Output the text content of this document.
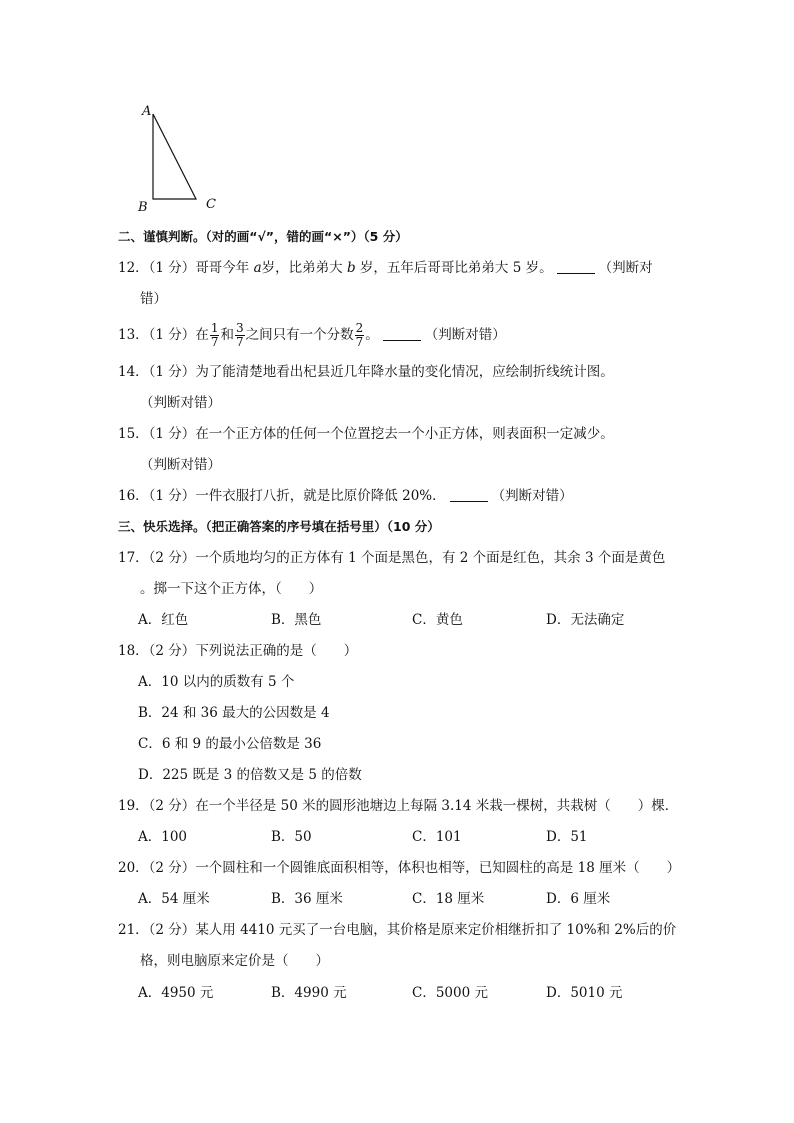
A
B	C
二、谨慎判断。（对的画“√”，错的画“×”）（5 分）
12．（1 分）哥哥今年 a岁，比弟弟大 b 岁，五年后哥哥比弟弟大 5 岁。	（判断对
错）
13．（1 分）在 $\frac{1}{7}$ 和 $\frac{3}{7}$ 之间只有一个分数 $\frac{2}{7}$ 。	（判断对错）
14．（1 分）为了能清楚地看出杞县近几年降水量的变化情况，应绘制折线统计图。
（判断对错）
15．（1 分）在一个正方体的任何一个位置挖去一个小正方体，则表面积一定减少。
（判断对错）
16．（1 分）一件衣服打八折，就是比原价降低 20%．	（判断对错）
三、快乐选择。（把正确答案的序号填在括号里）（10 分）
17．（2 分）一个质地均匀的正方体有 1 个面是黑色，有 2 个面是红色，其余 3 个面是黄色
。掷一下这个正方体，（　　）
A．红色	B．黑色	C．黄色	D．无法确定
18．（2 分）下列说法正确的是（　　）
A．10 以内的质数有 5 个
B．24 和 36 最大的公因数是 4
C．6 和 9 的最小公倍数是 36
D．225 既是 3 的倍数又是 5 的倍数
19．（2 分）在一个半径是 50 米的圆形池塘边上每隔 3.14 米栽一棵树，共栽树（　　）棵．
A．100	B．50	C．101	D．51
20．（2 分）一个圆柱和一个圆锥底面积相等，体积也相等，已知圆柱的高是 18 厘米（　　）
A．54 厘米	B．36 厘米	C．18 厘米	D．6 厘米
21．（2 分）某人用 4410 元买了一台电脑，其价格是原来定价相继折扣了 10%和 2%后的价
格，则电脑原来定价是（　　）
A．4950 元	B．4990 元	C．5000 元	D．5010 元
